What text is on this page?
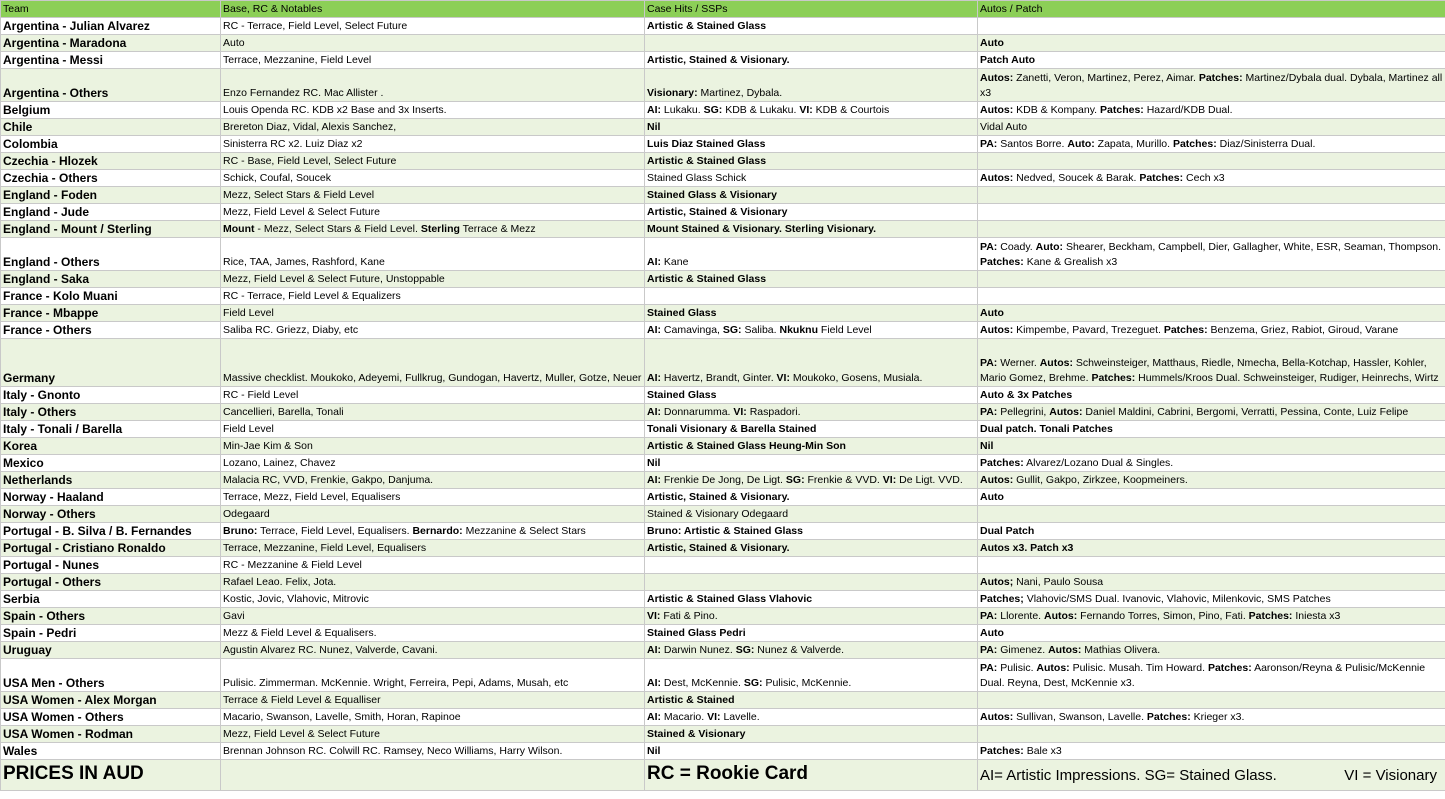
Team	Base, RC & Notables	Case Hits / SSPs	Autos / Patch
Argentina - Julian Alvarez	RC - Terrace, Field Level, Select Future	Artistic & Stained Glass	
Argentina - Maradona	Auto		Auto
Argentina - Messi	Terrace, Mezzanine, Field Level	Artistic, Stained & Visionary.	Patch Auto
Argentina - Others	Enzo Fernandez RC. Mac Allister .	Visionary: Martinez, Dybala.	Autos: Zanetti, Veron, Martinez, Perez, Aimar. Patches: Martinez/Dybala dual. Dybala, Martinez all x3
Belgium	Louis Openda RC. KDB x2 Base and 3x Inserts.	AI: Lukaku. SG: KDB & Lukaku. VI: KDB & Courtois	Autos: KDB & Kompany. Patches: Hazard/KDB Dual.
Chile	Brereton Diaz, Vidal, Alexis Sanchez,	Nil	Vidal Auto
Colombia	Sinisterra RC x2. Luiz Diaz x2	Luis Diaz Stained Glass	PA: Santos Borre. Auto: Zapata, Murillo. Patches: Diaz/Sinisterra Dual.
Czechia - Hlozek	RC - Base, Field Level, Select Future	Artistic & Stained Glass	
Czechia - Others	Schick, Coufal, Soucek	Stained Glass Schick	Autos: Nedved, Soucek & Barak. Patches: Cech x3
England - Foden	Mezz, Select Stars & Field Level	Stained Glass & Visionary	
England - Jude	Mezz, Field Level & Select Future	Artistic, Stained & Visionary	
England - Mount / Sterling	Mount - Mezz, Select Stars & Field Level. Sterling Terrace & Mezz	Mount Stained & Visionary. Sterling Visionary.	
England - Others	Rice, TAA, James, Rashford, Kane	AI: Kane	PA: Coady. Auto: Shearer, Beckham, Campbell, Dier, Gallagher, White, ESR, Seaman, Thompson. Patches: Kane & Grealish x3
England - Saka	Mezz, Field Level & Select Future, Unstoppable	Artistic & Stained Glass	
France - Kolo Muani	RC - Terrace, Field Level & Equalizers		
France - Mbappe	Field Level	Stained Glass	Auto
France - Others	Saliba RC. Griezz, Diaby, etc	AI: Camavinga, SG: Saliba. Nkuknu Field Level	Autos: Kimpembe, Pavard, Trezeguet. Patches: Benzema, Griez, Rabiot, Giroud, Varane
Germany	Massive checklist. Moukoko, Adeyemi, Fullkrug, Gundogan, Havertz, Muller, Gotze, Neuer	AI: Havertz, Brandt, Ginter. VI: Moukoko, Gosens, Musiala.	PA: Werner. Autos: Schweinsteiger, Matthaus, Riedle, Nmecha, Bella-Kotchap, Hassler, Kohler, Mario Gomez, Brehme. Patches: Hummels/Kroos Dual. Schweinsteiger, Rudiger, Heinrechs, Wirtz
Italy - Gnonto	RC - Field Level	Stained Glass	Auto & 3x Patches
Italy - Others	Cancellieri, Barella, Tonali	AI: Donnarumma. VI: Raspadori.	PA: Pellegrini, Autos: Daniel Maldini, Cabrini, Bergomi, Verratti, Pessina, Conte, Luiz Felipe
Italy - Tonali / Barella	Field Level	Tonali Visionary & Barella Stained	Dual patch. Tonali Patches
Korea	Min-Jae Kim & Son	Artistic & Stained Glass Heung-Min Son	Nil
Mexico	Lozano, Lainez, Chavez	Nil	Patches: Alvarez/Lozano Dual & Singles.
Netherlands	Malacia RC, VVD, Frenkie, Gakpo, Danjuma.	AI: Frenkie De Jong, De Ligt. SG: Frenkie & VVD. VI: De Ligt. VVD.	Autos: Gullit, Gakpo, Zirkzee, Koopmeiners.
Norway - Haaland	Terrace, Mezz, Field Level, Equalisers	Artistic, Stained & Visionary.	Auto
Norway - Others	Odegaard	Stained & Visionary Odegaard	
Portugal - B. Silva / B. Fernandes	Bruno: Terrace, Field Level, Equalisers. Bernardo: Mezzanine & Select Stars	Bruno: Artistic & Stained Glass	Dual Patch
Portugal - Cristiano Ronaldo	Terrace, Mezzanine, Field Level, Equalisers	Artistic, Stained & Visionary.	Autos x3. Patch x3
Portugal - Nunes	RC - Mezzanine & Field Level		
Portugal - Others	Rafael Leao. Felix, Jota.		Autos; Nani, Paulo Sousa
Serbia	Kostic, Jovic, Vlahovic, Mitrovic	Artistic & Stained Glass Vlahovic	Patches; Vlahovic/SMS Dual. Ivanovic, Vlahovic, Milenkovic, SMS Patches
Spain - Others	Gavi	VI: Fati & Pino.	PA: Llorente. Autos: Fernando Torres, Simon, Pino, Fati. Patches: Iniesta x3
Spain - Pedri	Mezz & Field Level & Equalisers.	Stained Glass Pedri	Auto
Uruguay	Agustin Alvarez RC. Nunez, Valverde, Cavani.	AI: Darwin Nunez. SG: Nunez & Valverde.	PA: Gimenez. Autos: Mathias Olivera.
USA Men - Others	Pulisic. Zimmerman. McKennie. Wright, Ferreira, Pepi, Adams, Musah, etc	AI: Dest, McKennie. SG: Pulisic, McKennie.	PA: Pulisic. Autos: Pulisic. Musah. Tim Howard. Patches: Aaronson/Reyna & Pulisic/McKennie Dual. Reyna, Dest, McKennie x3.
USA Women - Alex Morgan	Terrace & Field Level & Equalliser	Artistic & Stained	
USA Women - Others	Macario, Swanson, Lavelle, Smith, Horan, Rapinoe	AI: Macario. VI: Lavelle.	Autos: Sullivan, Swanson, Lavelle. Patches: Krieger x3.
USA Women - Rodman	Mezz, Field Level & Select Future	Stained & Visionary	
Wales	Brennan Johnson RC. Colwill RC. Ramsey, Neco Williams, Harry Wilson.	Nil	Patches: Bale x3
PRICES IN AUD		RC = Rookie Card	AI= Artistic Impressions. SG= Stained Glass. VI = Visionary
